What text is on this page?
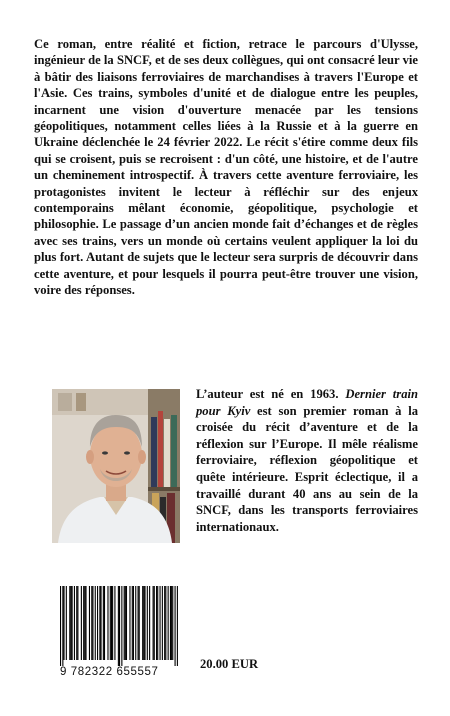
Ce roman, entre réalité et fiction, retrace le parcours d'Ulysse, ingénieur de la SNCF, et de ses deux collègues, qui ont consacré leur vie à bâtir des liaisons ferroviaires de marchandises à travers l'Europe et l'Asie. Ces trains, symboles d'unité et de dialogue entre les peuples, incarnent une vision d'ouverture menacée par les tensions géopolitiques, notamment celles liées à la Russie et à la guerre en Ukraine déclenchée le 24 février 2022. Le récit s'étire comme deux fils qui se croisent, puis se recroisent : d'un côté, une histoire, et de l'autre un cheminement introspectif. À travers cette aventure ferroviaire, les protagonistes invitent le lecteur à réfléchir sur des enjeux contemporains mêlant économie, géopolitique, psychologie et philosophie. Le passage d’un ancien monde fait d’échanges et de règles avec ses trains, vers un monde où certains veulent appliquer la loi du plus fort. Autant de sujets que le lecteur sera surpris de découvrir dans cette aventure, et pour lesquels il pourra peut-être trouver une vision, voire des réponses.

L’auteur est né en 1963. Dernier train pour Kyiv est son premier roman à la croisée du récit d’aventure et de la réflexion sur l’Europe. Il mêle réalisme ferroviaire, réflexion géopolitique et quête intérieure. Esprit éclectique, il a travaillé durant 40 ans au sein de la SNCF, dans les transports ferroviaires internationaux.

9 782322 655557
20.00 EUR
